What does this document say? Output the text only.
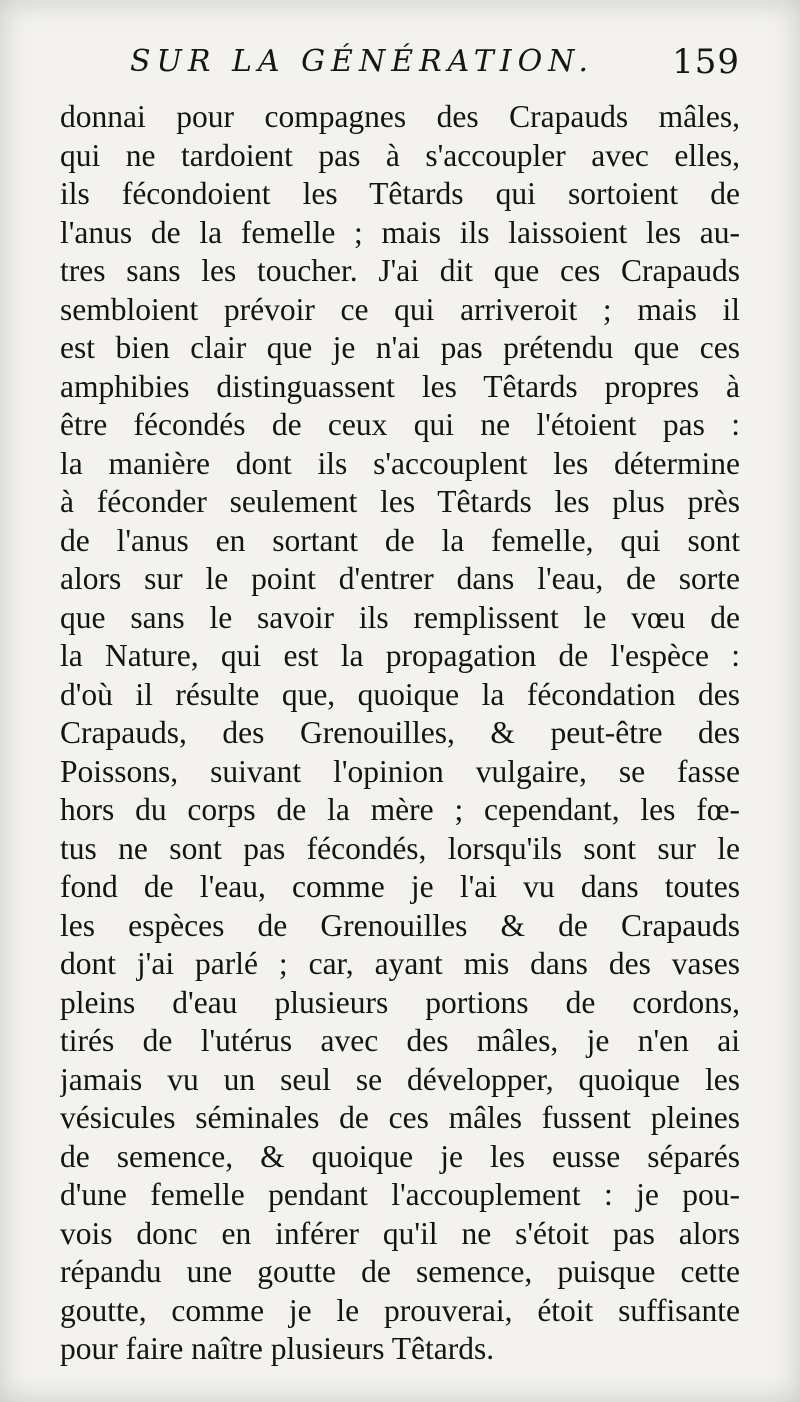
SUR LA GÉNÉRATION. 159
donnai pour compagnes des Crapauds mâles,
qui ne tardoient pas à s'accoupler avec elles,
ils fécondoient les Têtards qui sortoient de
l'anus de la femelle ; mais ils laissoient les au-
tres sans les toucher. J'ai dit que ces Crapauds
sembloient prévoir ce qui arriveroit ; mais il
est bien clair que je n'ai pas prétendu que ces
amphibies distinguassent les Têtards propres à
être fécondés de ceux qui ne l'étoient pas :
la manière dont ils s'accouplent les détermine
à féconder seulement les Têtards les plus près
de l'anus en sortant de la femelle, qui sont
alors sur le point d'entrer dans l'eau, de sorte
que sans le savoir ils remplissent le vœu de
la Nature, qui est la propagation de l'espèce :
d'où il résulte que, quoique la fécondation des
Crapauds, des Grenouilles, & peut-être des
Poissons, suivant l'opinion vulgaire, se fasse
hors du corps de la mère ; cependant, les fœ-
tus ne sont pas fécondés, lorsqu'ils sont sur le
fond de l'eau, comme je l'ai vu dans toutes
les espèces de Grenouilles & de Crapauds
dont j'ai parlé ; car, ayant mis dans des vases
pleins d'eau plusieurs portions de cordons,
tirés de l'utérus avec des mâles, je n'en ai
jamais vu un seul se développer, quoique les
vésicules séminales de ces mâles fussent pleines
de semence, & quoique je les eusse séparés
d'une femelle pendant l'accouplement : je pou-
vois donc en inférer qu'il ne s'étoit pas alors
répandu une goutte de semence, puisque cette
goutte, comme je le prouverai, étoit suffisante
pour faire naître plusieurs Têtards.
